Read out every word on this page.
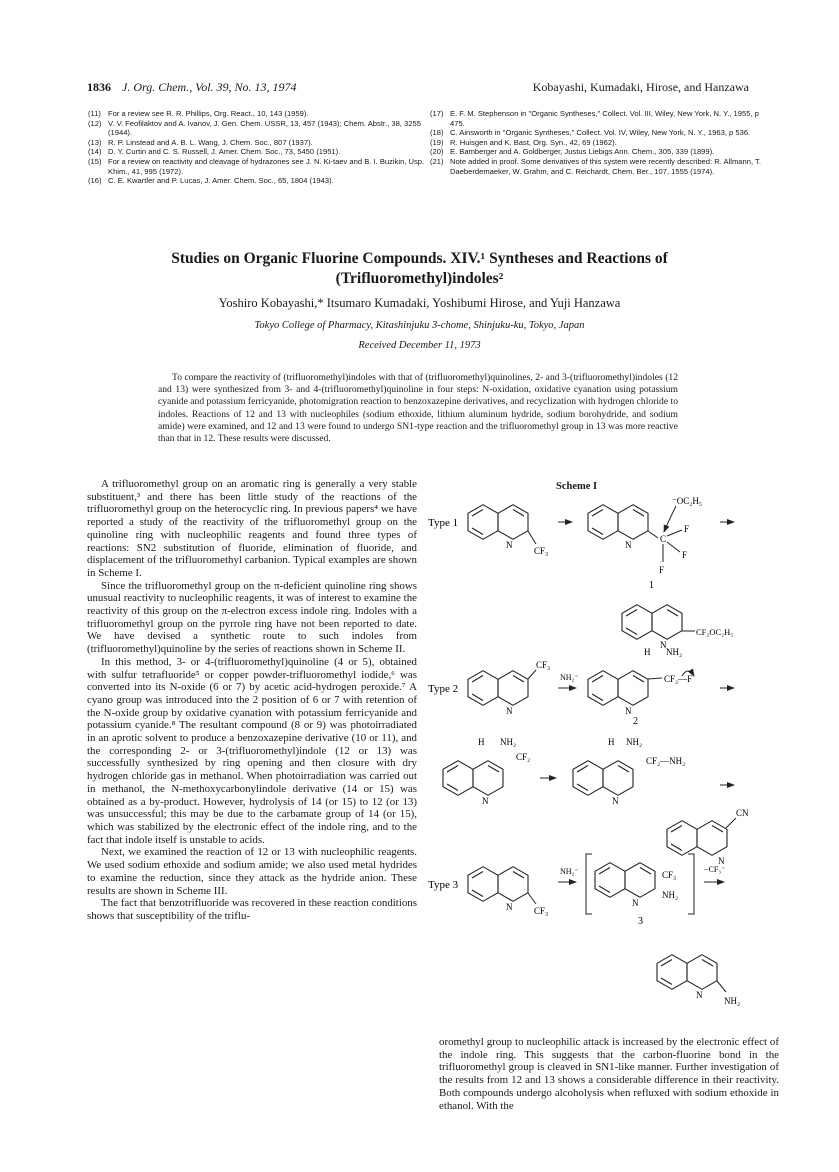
1836 J. Org. Chem., Vol. 39, No. 13, 1974	Kobayashi, Kumadaki, Hirose, and Hanzawa
(11) For a review see R. R. Phillips, Org. React., 10, 143 (1959).
(12) V. V. Feofilaktov and A. Ivanov, J. Gen. Chem. USSR, 13, 457 (1943); Chem. Abstr., 38, 3255 (1944).
(13) R. P. Linstead and A. B. L. Wang, J. Chem. Soc., 807 (1937).
(14) D. Y. Curtin and C. S. Russell, J. Amer. Chem. Soc., 73, 5450 (1951).
(15) For a review on reactivity and cleavage of hydrazones see J. N. Ki-taev and B. I. Buzikin, Usp. Khim., 41, 995 (1972).
(16) C. E. Kwartler and P. Lucas, J. Amer. Chem. Soc., 65, 1804 (1943).
(17) E. F. M. Stephenson in "Organic Syntheses," Collect. Vol. III, Wiley, New York, N. Y., 1955, p 475.
(18) C. Ainsworth in "Organic Syntheses," Collect. Vol. IV, Wiley, New York, N. Y., 1963, p 536.
(19) R. Huisgen and K. Bast, Org. Syn., 42, 69 (1962).
(20) E. Bamberger and A. Goldberger, Justus Liebigs Ann. Chem., 305, 339 (1899).
(21) Note added in proof. Some derivatives of this system were recently described: R. Allmann, T. Daeberdemaeker, W. Grahm, and C. Reichardt, Chem. Ber., 107, 1555 (1974).
Studies on Organic Fluorine Compounds. XIV.¹ Syntheses and Reactions of
(Trifluoromethyl)indoles²
Yoshiro Kobayashi,* Itsumaro Kumadaki, Yoshibumi Hirose, and Yuji Hanzawa
Tokyo College of Pharmacy, Kitashinjuku 3-chome, Shinjuku-ku, Tokyo, Japan
Received December 11, 1973
To compare the reactivity of (trifluoromethyl)indoles with that of (trifluoromethyl)quinolines, 2- and 3-(trifluoromethyl)indoles (12 and 13) were synthesized from 3- and 4-(trifluoromethyl)quinoline in four steps: N-oxidation, oxidative cyanation using potassium cyanide and potassium ferricyanide, photomigration reaction to benzoxazepine derivatives, and recyclization with hydrogen chloride to indoles. Reactions of 12 and 13 with nucleophiles (sodium ethoxide, lithium aluminum hydride, sodium borohydride, and sodium amide) were examined, and 12 and 13 were found to undergo SN1-type reaction and the trifluoromethyl group in 13 was more reactive than that in 12. These results were discussed.

A trifluoromethyl group on an aromatic ring is generally a very stable substituent,³ and there has been little study of the reactions of the trifluoromethyl group on the heterocyclic ring. In previous papers⁴ we have reported a study of the reactivity of the trifluoromethyl group on the quinoline ring with nucleophilic reagents and found three types of reactions: SN2 substitution of fluoride, elimination of fluoride, and displacement of the trifluoromethyl carbanion. Typical examples are shown in Scheme I.

Since the trifluoromethyl group on the π-deficient quinoline ring shows unusual reactivity to nucleophilic reagents, it was of interest to examine the reactivity of this group on the π-electron excess indole ring. Indoles with a trifluoromethyl group on the pyrrole ring have not been reported to date. We have devised a synthetic route to such indoles from (trifluoromethyl)quinoline by the series of reactions shown in Scheme II.

In this method, 3- or 4-(trifluoromethyl)quinoline (4 or 5), obtained with sulfur tetrafluoride⁵ or copper powder-trifluoromethyl iodide,⁶ was converted into its N-oxide (6 or 7) by acetic acid-hydrogen peroxide.⁷ A cyano group was introduced into the 2 position of 6 or 7 with retention of the N-oxide group by oxidative cyanation with potassium ferricyanide and potassium cyanide.⁸ The resultant compound (8 or 9) was photoirradiated in an aprotic solvent to produce a benzoxazepine derivative (10 or 11), and the corresponding 2- or 3-(trifluoromethyl)indole (12 or 13) was successfully synthesized by ring opening and then closure with dry hydrogen chloride gas in methanol. When photoirradiation was carried out in methanol, the N-methoxycarbonylindole derivative (14 or 15) was obtained as a by-product. However, hydrolysis of 14 (or 15) to 12 (or 13) was unsuccessful; this may be due to the carbamate group of 14 (or 15), which was stabilized by the electronic effect of the indole ring, and to the fact that indole itself is unstable to acids.

Next, we examined the reaction of 12 or 13 with nucleophilic reagents. We used sodium ethoxide and sodium amide; we also used metal hydrides to examine the reduction, since they attack as the hydride anion. These results are shown in Scheme III.

The fact that benzotrifluoride was recovered in these reaction conditions shows that susceptibility of the triflu-

oromethyl group to nucleophilic attack is increased by the electronic effect of the indole ring. This suggests that the carbon-fluorine bond in the trifluoromethyl group is cleaved in SN1-like manner. Further investigation of the results from 12 and 13 shows a considerable difference in their reactivity. Both compounds undergo alcoholysis when refluxed with sodium ethoxide in ethanol. With the

Scheme I
Type 1
N
CF₃
N
C
⁻OC₂H₅
F
F
F
1
N
CF₂OC₂H₅
Type 2
N
CF₃
NH₂⁻
N
H NH₂
CF₂—F
2
H NH₂
N
CF₂
N
H NH₂
CF₂—NH₂
N
CN
Type 3
N CF₃
NH₂⁻
N
CF₃
NH₂
−CF₃⁻
3
N
NH₂
